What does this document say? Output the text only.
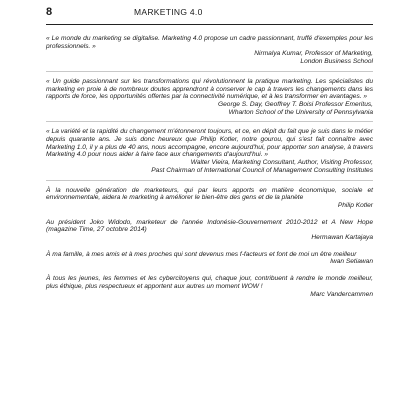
8	MARKETING 4.0
« Le monde du marketing se digitalise. Marketing 4.0 propose un cadre passionnant, truffé d'exemples pour les professionnels. »
Nirmalya Kumar, Professor of Marketing,
London Business School
« Un guide passionnant sur les transformations qui révolutionnent la pratique marketing. Les spécialistes du marketing en proie à de nombreux doutes apprendront à conserver le cap à travers les changements dans les rapports de force, les opportunités offertes par la connectivité numérique, et à les transformer en avantages. »
George S. Day, Geoffrey T. Boisi Professor Emeritus,
Wharton School of the University of Pennsylvania
« La variété et la rapidité du changement m'étonneront toujours, et ce, en dépit du fait que je suis dans le métier depuis quarante ans. Je suis donc heureux que Philip Kotler, notre gourou, qui s'est fait connaître avec Marketing 1.0, il y a plus de 40 ans, nous accompagne, encore aujourd'hui, pour apporter son analyse, à travers Marketing 4.0 pour nous aider à faire face aux changements d'aujourd'hui. »
Walter Vieira, Marketing Consultant, Author, Visiting Professor,
Past Chairman of International Council of Management Consulting Institutes
À la nouvelle génération de marketeurs, qui par leurs apports en matière économique, sociale et environnementale, aidera le marketing à améliorer le bien-être des gens et de la planète
Philip Kotler
Au président Joko Widodo, marketeur de l'année Indonésie-Gouvernement 2010-2012 et A New Hope (magazine Time, 27 octobre 2014)
Hermawan Kartajaya
À ma famille, à mes amis et à mes proches qui sont devenus mes f-facteurs et font de moi un être meilleur
Iwan Setiawan
À tous les jeunes, les femmes et les cybercitoyens qui, chaque jour, contribuent à rendre le monde meilleur, plus éthique, plus respectueux et apportent aux autres un moment WOW !
Marc Vandercammen
